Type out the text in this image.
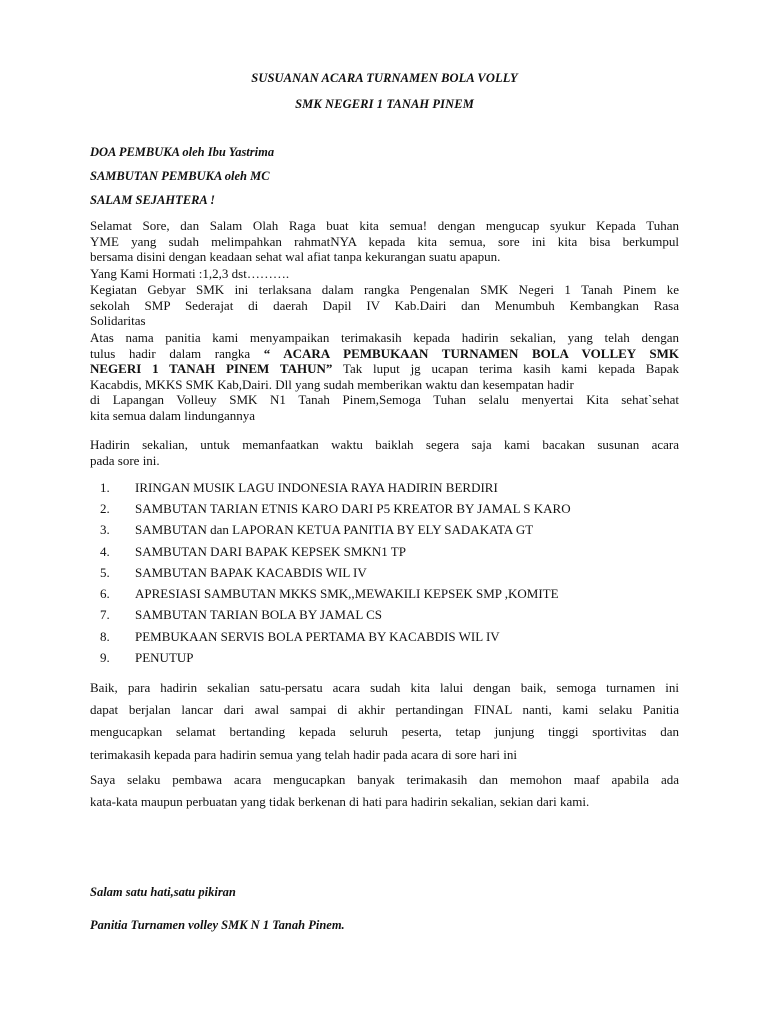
SUSUANAN ACARA TURNAMEN BOLA VOLLY
SMK NEGERI 1 TANAH PINEM
DOA PEMBUKA oleh Ibu Yastrima
SAMBUTAN PEMBUKA oleh MC
SALAM SEJAHTERA !
Selamat Sore, dan Salam Olah Raga buat kita semua! dengan mengucap syukur Kepada Tuhan
YME yang sudah melimpahkan rahmatNYA kepada kita semua, sore ini kita bisa berkumpul
bersama disini dengan keadaan sehat wal afiat tanpa kekurangan suatu apapun.
Yang Kami Hormati :1,2,3 dst……….
Kegiatan Gebyar SMK ini terlaksana dalam rangka Pengenalan SMK Negeri 1 Tanah Pinem ke
sekolah SMP Sederajat di daerah Dapil IV Kab.Dairi dan Menumbuh Kembangkan Rasa
Solidaritas
Atas nama panitia kami menyampaikan terimakasih kepada hadirin sekalian, yang telah dengan
tulus hadir dalam rangka “ ACARA PEMBUKAAN TURNAMEN BOLA VOLLEY SMK
NEGERI 1 TANAH PINEM TAHUN” Tak luput jg ucapan terima kasih kami kepada Bapak
Kacabdis, MKKS SMK Kab,Dairi. Dll yang sudah memberikan waktu dan kesempatan hadir
di Lapangan Volleuy SMK N1 Tanah Pinem,Semoga Tuhan selalu menyertai Kita sehat`sehat
kita semua dalam lindungannya
Hadirin sekalian, untuk memanfaatkan waktu baiklah segera saja kami bacakan susunan acara
pada sore ini.
1.	IRINGAN MUSIK LAGU INDONESIA RAYA HADIRIN BERDIRI
2.	SAMBUTAN TARIAN ETNIS KARO DARI P5 KREATOR BY JAMAL S KARO
3.	SAMBUTAN dan LAPORAN KETUA PANITIA BY ELY SADAKATA GT
4.	SAMBUTAN DARI BAPAK KEPSEK SMKN1 TP
5.	SAMBUTAN BAPAK KACABDIS WIL IV
6.	APRESIASI SAMBUTAN MKKS SMK,,MEWAKILI KEPSEK SMP ,KOMITE
7.	SAMBUTAN TARIAN BOLA BY JAMAL CS
8.	PEMBUKAAN SERVIS BOLA PERTAMA BY KACABDIS WIL IV
9.	PENUTUP
Baik, para hadirin sekalian satu-persatu acara sudah kita lalui dengan baik, semoga turnamen ini
dapat berjalan lancar dari awal sampai di akhir pertandingan FINAL nanti, kami selaku Panitia
mengucapkan selamat bertanding kepada seluruh peserta, tetap junjung tinggi sportivitas dan
terimakasih kepada para hadirin semua yang telah hadir pada acara di sore hari ini
Saya selaku pembawa acara mengucapkan banyak terimakasih dan memohon maaf apabila ada
kata-kata maupun perbuatan yang tidak berkenan di hati para hadirin sekalian, sekian dari kami.
Salam satu hati,satu pikiran
Panitia Turnamen volley SMK N 1 Tanah Pinem.
